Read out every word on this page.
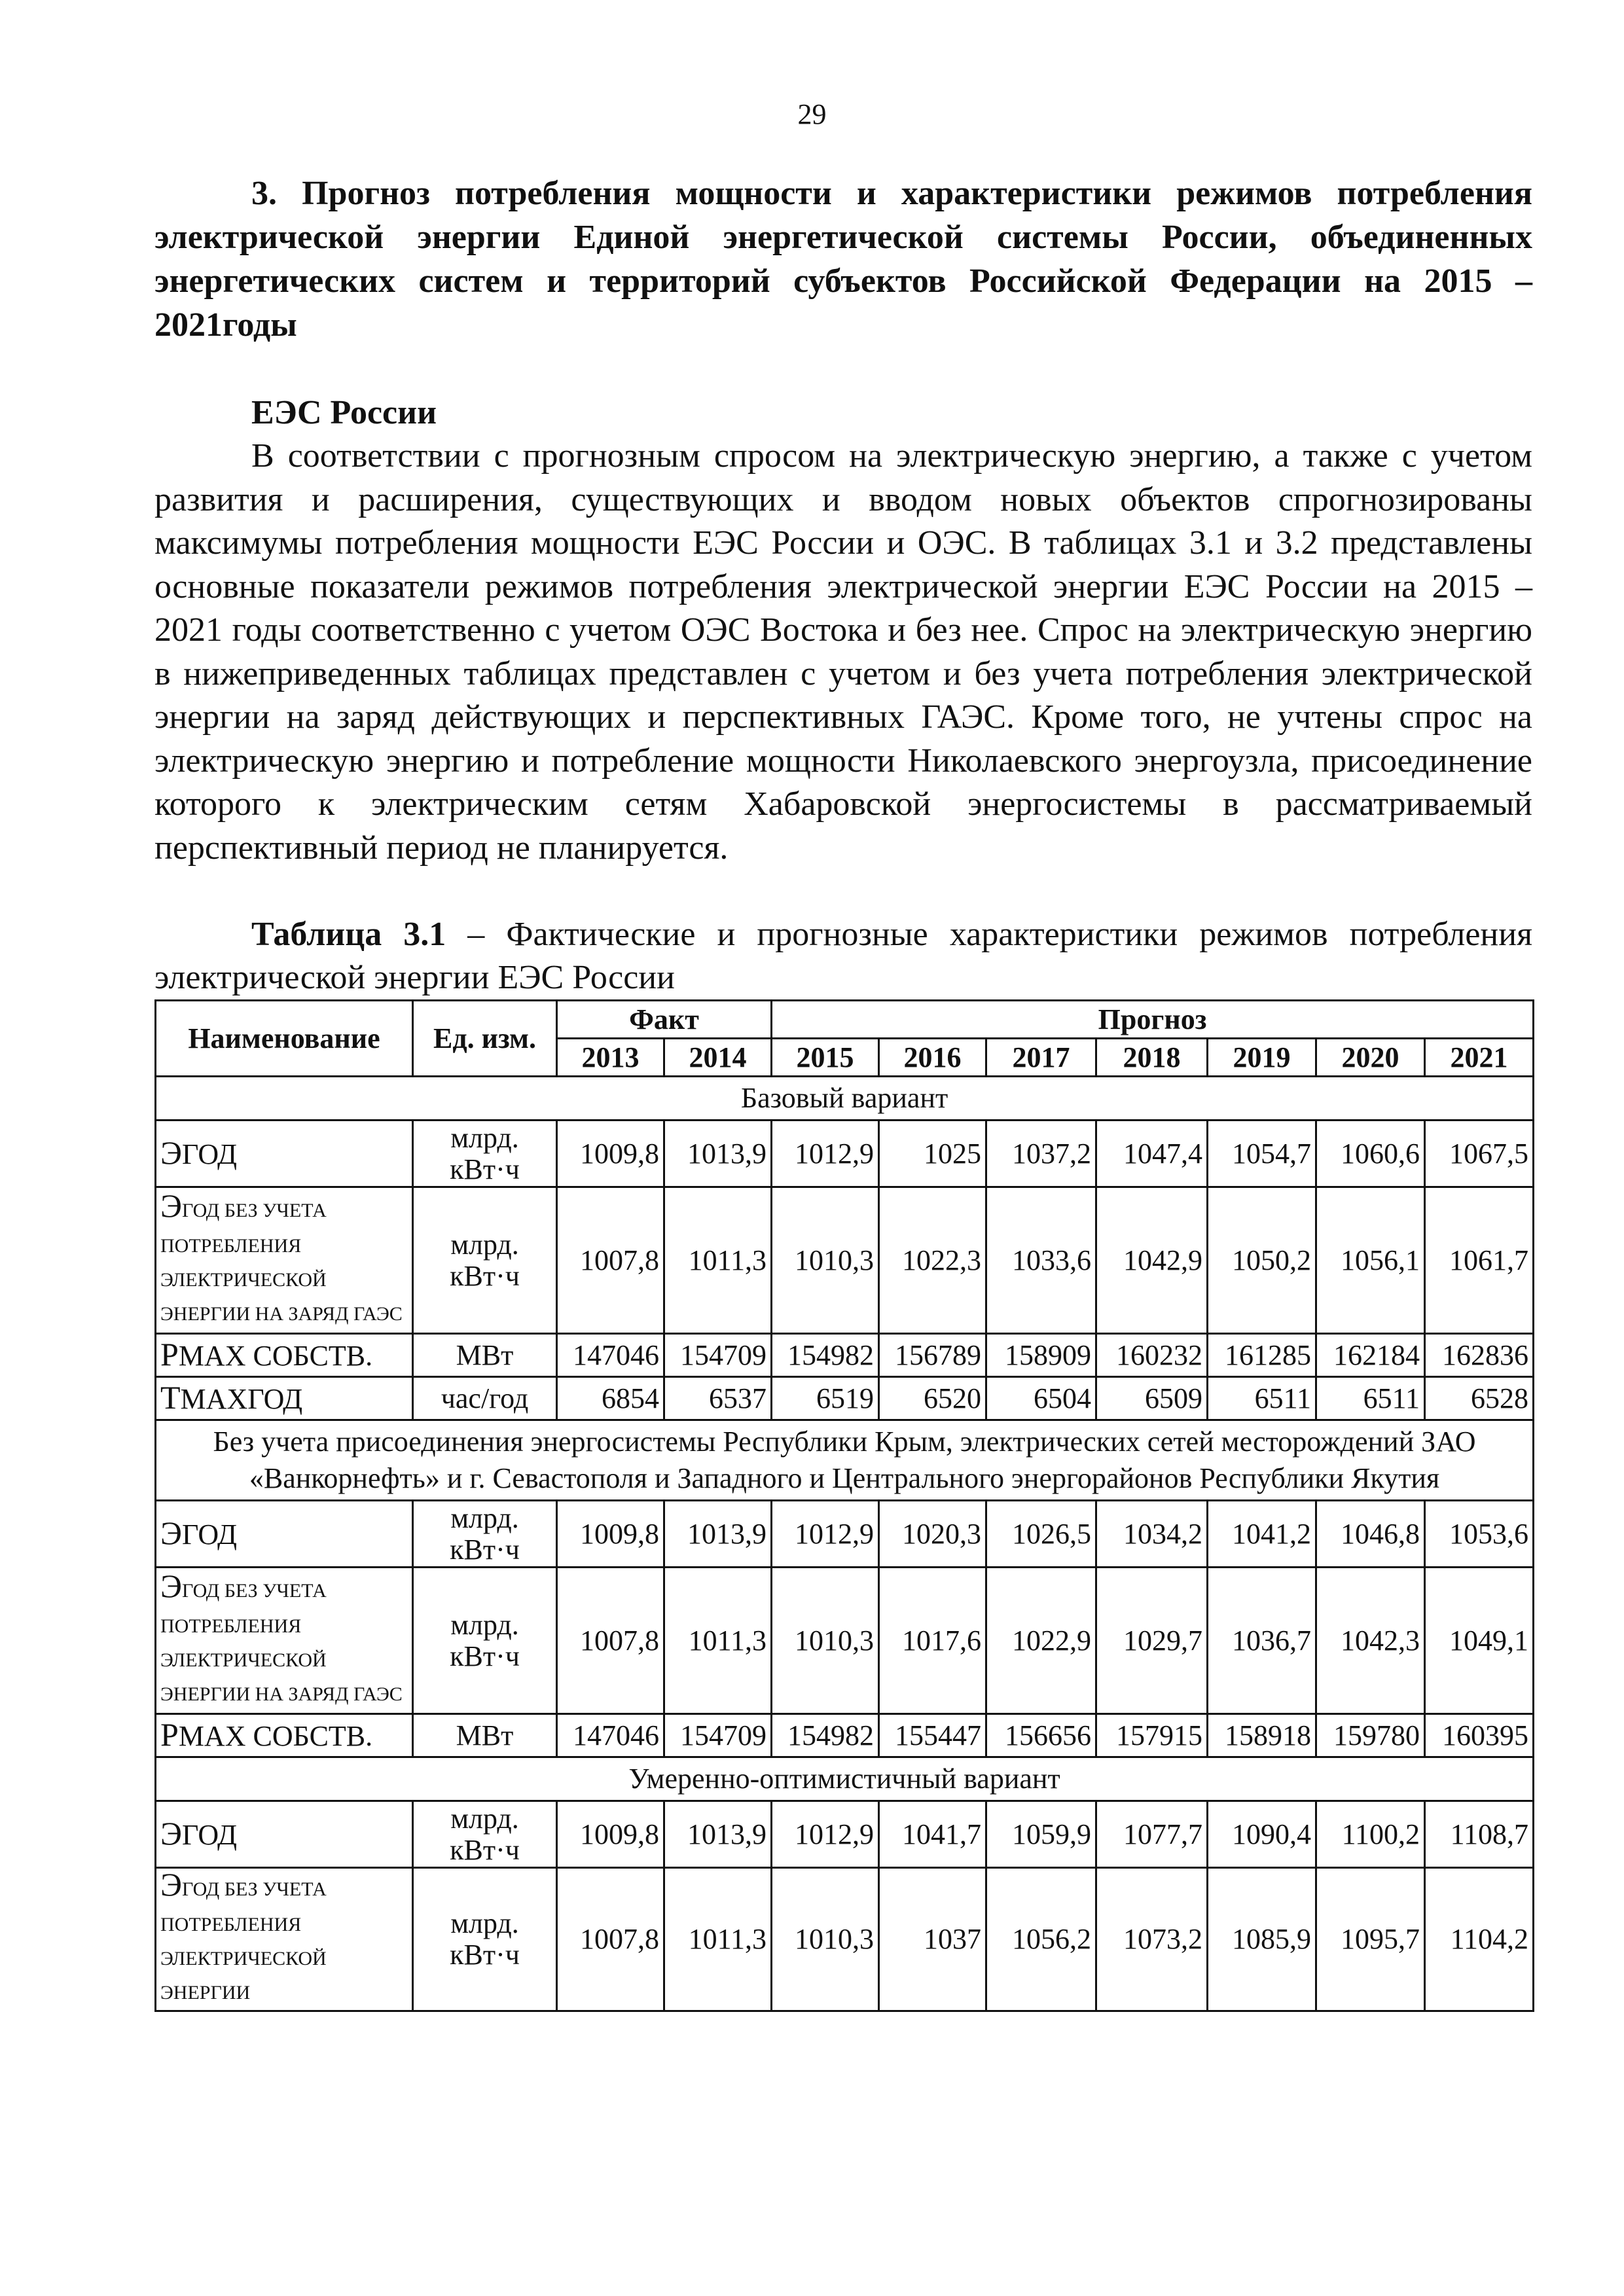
29

3. Прогноз потребления мощности и характеристики режимов потребления электрической энергии Единой энергетической системы России, объединенных энергетических систем и территорий субъектов Российской Федерации на 2015 – 2021годы

ЕЭС России

В соответствии с прогнозным спросом на электрическую энергию, а также с учетом развития и расширения, существующих и вводом новых объектов спрогнозированы максимумы потребления мощности ЕЭС России и ОЭС. В таблицах 3.1 и 3.2 представлены основные показатели режимов потребления электрической энергии ЕЭС России на 2015 – 2021 годы соответственно с учетом ОЭС Востока и без нее. Спрос на электрическую энергию в нижеприведенных таблицах представлен с учетом и без учета потребления электрической энергии на заряд действующих и перспективных ГАЭС. Кроме того, не учтены спрос на электрическую энергию и потребление мощности Николаевского энергоузла, присоединение которого к электрическим сетям Хабаровской энергосистемы в рассматриваемый перспективный период не планируется.

Таблица 3.1 – Фактические и прогнозные характеристики режимов потребления электрической энергии ЕЭС России

Наименование	Ед. изм.	Факт		Прогноз						
		2013	2014	2015	2016	2017	2018	2019	2020	2021
Базовый вариант										
ЭГОД	млрд. кВт·ч	1009,8	1013,9	1012,9	1025	1037,2	1047,4	1054,7	1060,6	1067,5
ЭГОД БЕЗ УЧЕТА
ПОТРЕБЛЕНИЯ ЭЛЕКТРИЧЕСКОЙ ЭНЕРГИИ НА ЗАРЯД ГАЭС	млрд. кВт·ч	1007,8	1011,3	1010,3	1022,3	1033,6	1042,9	1050,2	1056,1	1061,7
PMAX СОБСТВ.	МВт	147046	154709	154982	156789	158909	160232	161285	162184	162836
TMAXГОД	час/год	6854	6537	6519	6520	6504	6509	6511	6511	6528
Без учета присоединения энергосистемы Республики Крым, электрических сетей месторождений ЗАО «Ванкорнефть» и г. Севастополя и Западного и Центрального энергорайонов Республики Якутия										
ЭГОД	млрд. кВт·ч	1009,8	1013,9	1012,9	1020,3	1026,5	1034,2	1041,2	1046,8	1053,6
ЭГОД БЕЗ УЧЕТА
ПОТРЕБЛЕНИЯ ЭЛЕКТРИЧЕСКОЙ ЭНЕРГИИ НА ЗАРЯД ГАЭС	млрд. кВт·ч	1007,8	1011,3	1010,3	1017,6	1022,9	1029,7	1036,7	1042,3	1049,1
PMAX СОБСТВ.	МВт	147046	154709	154982	155447	156656	157915	158918	159780	160395
Умеренно-оптимистичный вариант										
ЭГОД	млрд. кВт·ч	1009,8	1013,9	1012,9	1041,7	1059,9	1077,7	1090,4	1100,2	1108,7
ЭГОД БЕЗ УЧЕТА
ПОТРЕБЛЕНИЯ ЭЛЕКТРИЧЕСКОЙ ЭНЕРГИИ	млрд. кВт·ч	1007,8	1011,3	1010,3	1037	1056,2	1073,2	1085,9	1095,7	1104,2
